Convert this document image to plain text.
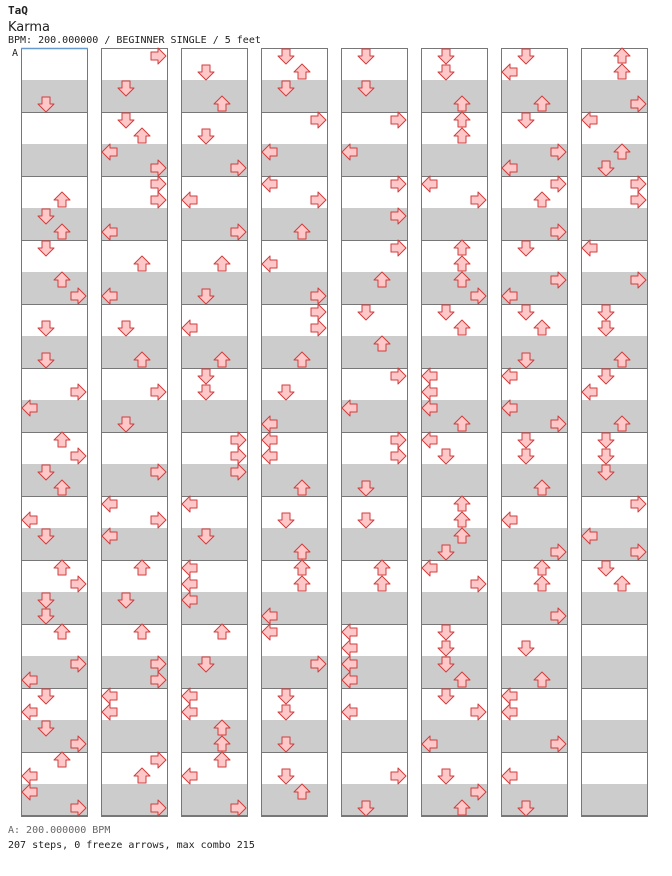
TaQ
Karma
BPM: 200.000000 / BEGINNER SINGLE / 5 feet
A
A: 200.000000 BPM
207 steps, 0 freeze arrows, max combo 215
